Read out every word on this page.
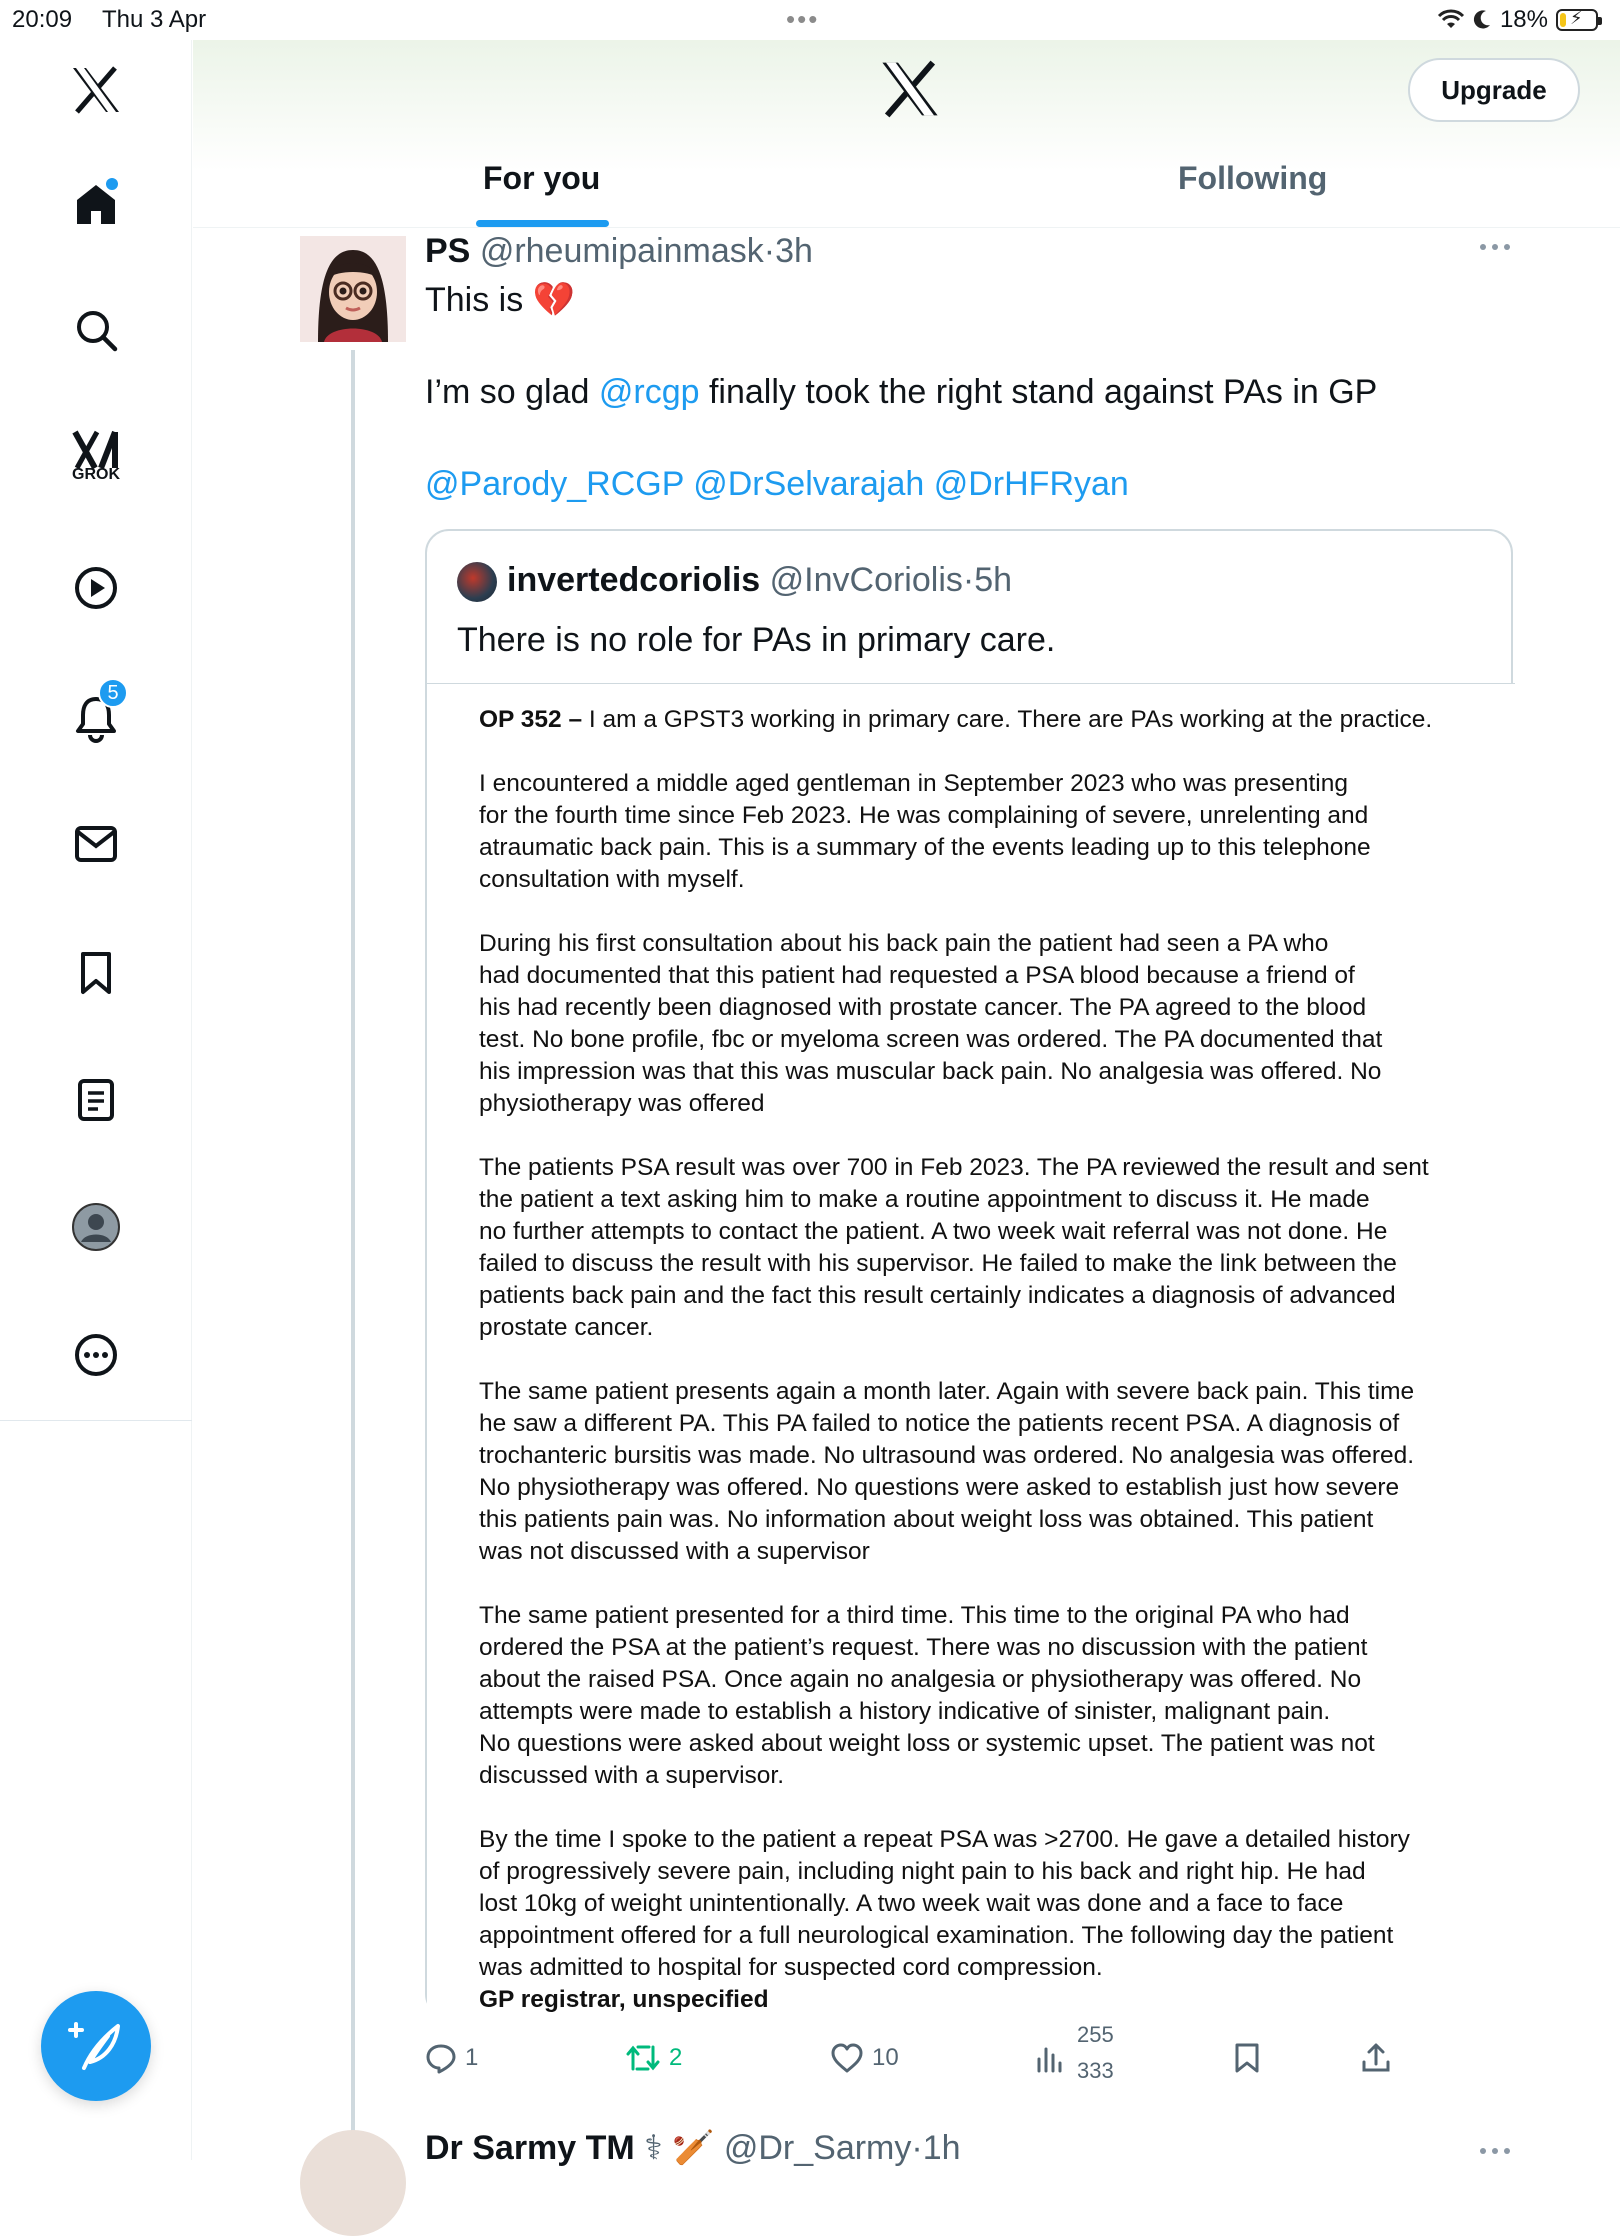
20:09 Thu 3 Apr	•••	18% ⚡
GROK
5
Upgrade
For you	Following
PS @rheumipainmask·3h
This is 💔
I’m so glad @rcgp finally took the right stand against PAs in GP
@Parody_RCGP @DrSelvarajah @DrHFRyan
invertedcoriolis @InvCoriolis·5h
There is no role for PAs in primary care.

OP 352 – I am a GPST3 working in primary care. There are PAs working at the practice.

I encountered a middle aged gentleman in September 2023 who was presenting
for the fourth time since Feb 2023. He was complaining of severe, unrelenting and
atraumatic back pain. This is a summary of the events leading up to this telephone
consultation with myself.

During his first consultation about his back pain the patient had seen a PA who
had documented that this patient had requested a PSA blood because a friend of
his had recently been diagnosed with prostate cancer. The PA agreed to the blood
test. No bone profile, fbc or myeloma screen was ordered. The PA documented that
his impression was that this was muscular back pain. No analgesia was offered. No
physiotherapy was offered

The patients PSA result was over 700 in Feb 2023. The PA reviewed the result and sent
the patient a text asking him to make a routine appointment to discuss it. He made
no further attempts to contact the patient. A two week wait referral was not done. He
failed to discuss the result with his supervisor. He failed to make the link between the
patients back pain and the fact this result certainly indicates a diagnosis of advanced
prostate cancer.

The same patient presents again a month later. Again with severe back pain. This time
he saw a different PA. This PA failed to notice the patients recent PSA. A diagnosis of
trochanteric bursitis was made. No ultrasound was ordered. No analgesia was offered.
No physiotherapy was offered. No questions were asked to establish just how severe
this patients pain was. No information about weight loss was obtained. This patient
was not discussed with a supervisor

The same patient presented for a third time. This time to the original PA who had
ordered the PSA at the patient’s request. There was no discussion with the patient
about the raised PSA. Once again no analgesia or physiotherapy was offered. No
attempts were made to establish a history indicative of sinister, malignant pain.
No questions were asked about weight loss or systemic upset. The patient was not
discussed with a supervisor.

By the time I spoke to the patient a repeat PSA was >2700. He gave a detailed history
of progressively severe pain, including night pain to his back and right hip. He had
lost 10kg of weight unintentionally. A two week wait was done and a face to face
appointment offered for a full neurological examination. The following day the patient
was admitted to hospital for suspected cord compression.

GP registrar, unspecified
1	2	10
255
333
Dr Sarmy TM ⚕ 🏏 @Dr_Sarmy·1h
